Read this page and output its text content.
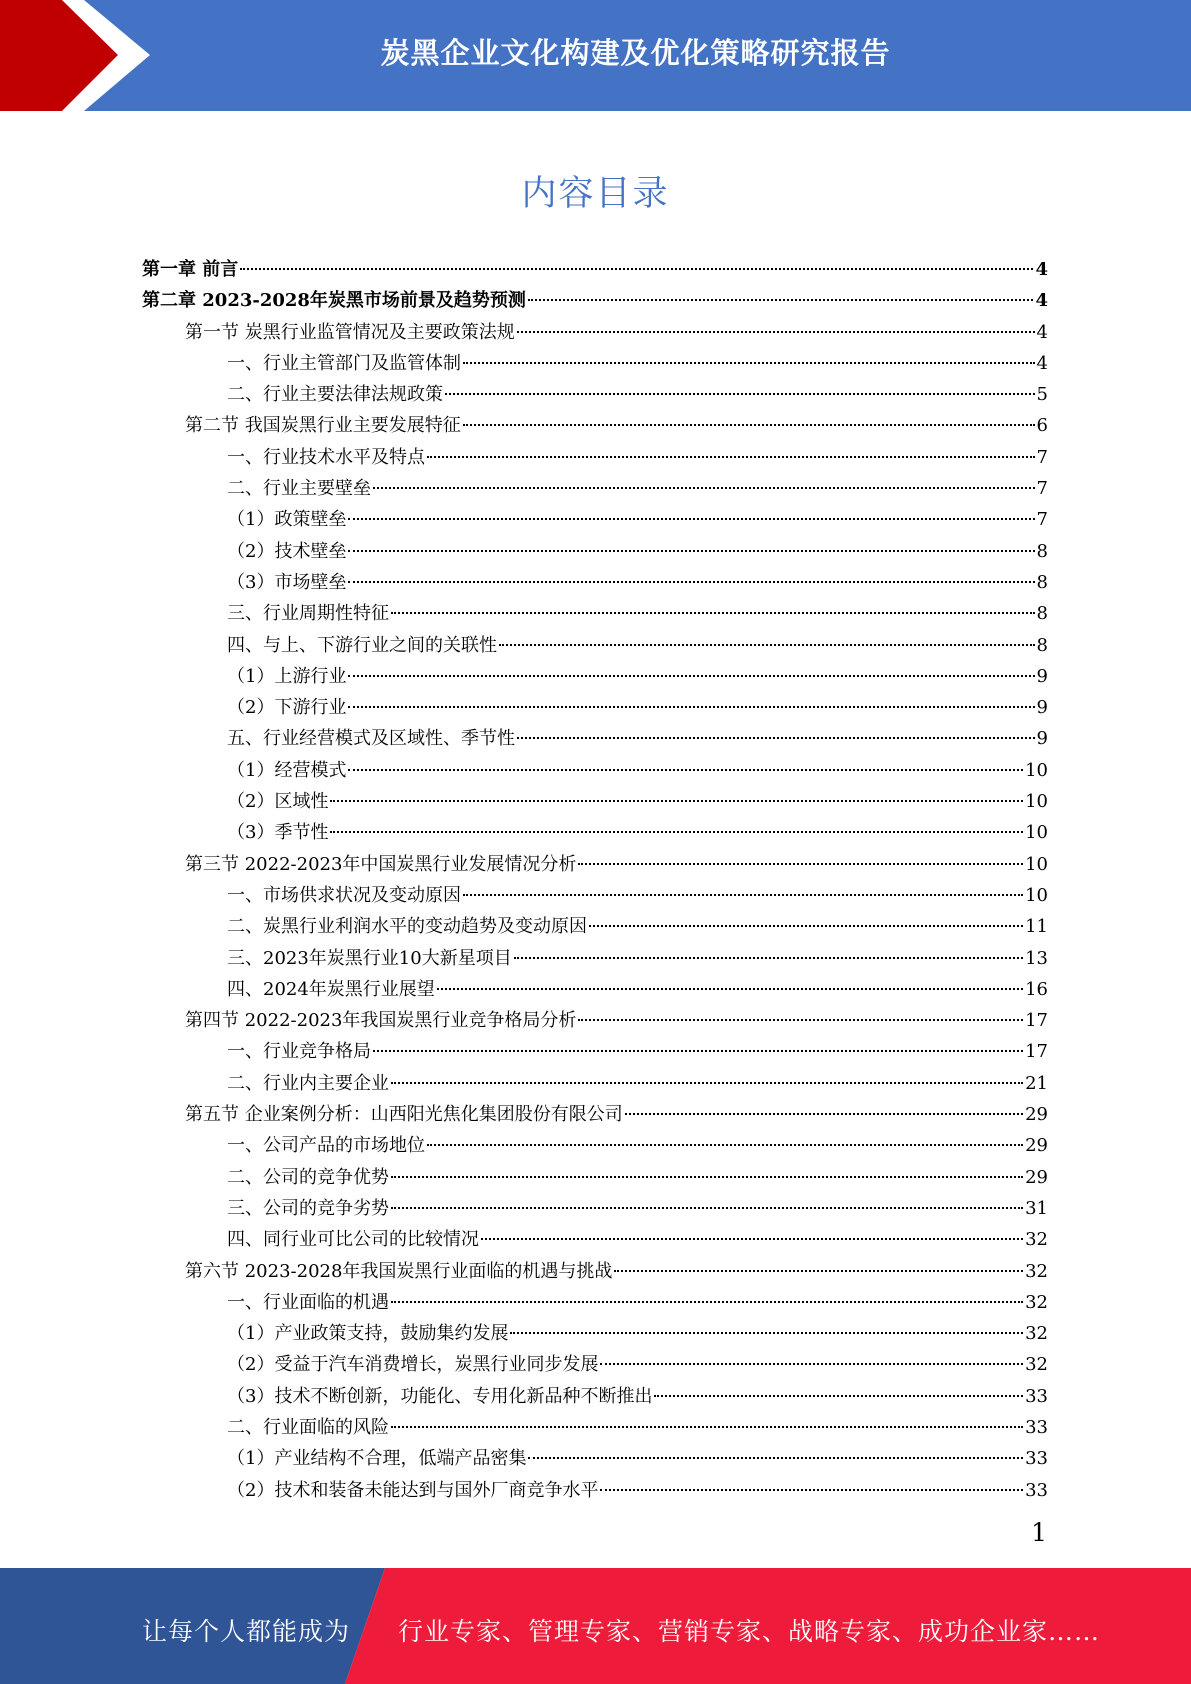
炭黑企业文化构建及优化策略研究报告
内容目录
第一章 前言	4
第二章 2023-2028年炭黑市场前景及趋势预测	4
第一节 炭黑行业监管情况及主要政策法规	4
一、行业主管部门及监管体制	4
二、行业主要法律法规政策	5
第二节 我国炭黑行业主要发展特征	6
一、行业技术水平及特点	7
二、行业主要壁垒	7
（1）政策壁垒	7
（2）技术壁垒	8
（3）市场壁垒	8
三、行业周期性特征	8
四、与上、下游行业之间的关联性	8
（1）上游行业	9
（2）下游行业	9
五、行业经营模式及区域性、季节性	9
（1）经营模式	10
（2）区域性	10
（3）季节性	10
第三节 2022-2023年中国炭黑行业发展情况分析	10
一、市场供求状况及变动原因	10
二、炭黑行业利润水平的变动趋势及变动原因	11
三、2023年炭黑行业10大新星项目	13
四、2024年炭黑行业展望	16
第四节 2022-2023年我国炭黑行业竞争格局分析	17
一、行业竞争格局	17
二、行业内主要企业	21
第五节 企业案例分析：山西阳光焦化集团股份有限公司	29
一、公司产品的市场地位	29
二、公司的竞争优势	29
三、公司的竞争劣势	31
四、同行业可比公司的比较情况	32
第六节 2023-2028年我国炭黑行业面临的机遇与挑战	32
一、行业面临的机遇	32
（1）产业政策支持，鼓励集约发展	32
（2）受益于汽车消费增长，炭黑行业同步发展	32
（3）技术不断创新，功能化、专用化新品种不断推出	33
二、行业面临的风险	33
（1）产业结构不合理，低端产品密集	33
（2）技术和装备未能达到与国外厂商竞争水平	33
1
让每个人都能成为 行业专家、管理专家、营销专家、战略专家、成功企业家……
